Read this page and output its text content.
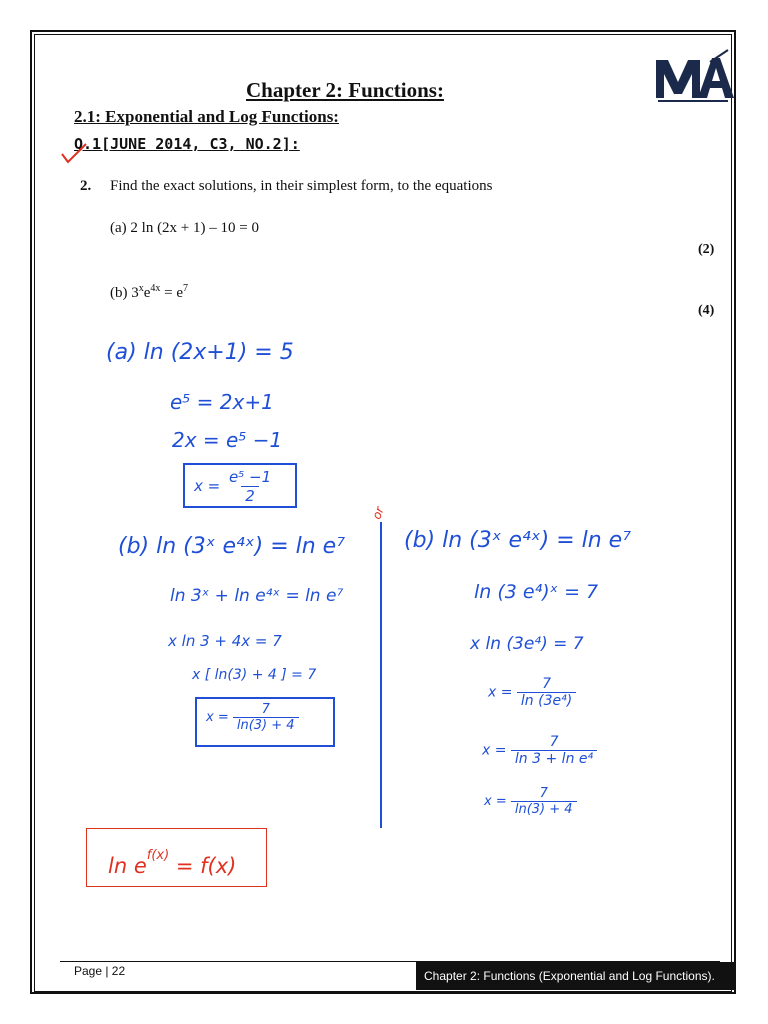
Chapter 2: Functions:
2.1: Exponential and Log Functions:
Q.1[JUNE 2014, C3, NO.2]:
2. Find the exact solutions, in their simplest form, to the equations
(a) 2 ln (2x + 1) – 10 = 0
(b) $3^xe^{4x} = e^7$
(2)
(4)
(a) ln (2x+1) = 5
e⁵ = 2x+1
2x = e⁵ −1
$x = \frac{\text{e⁵ −1}}{2}$
(b) ln (3ˣ e⁴ˣ) = ln e⁷
ln 3ˣ + ln e⁴ˣ = ln e⁷
x ln 3 + 4x = 7
x [ ln(3) + 4 ] = 7
$x = \frac{7}{\ln(3) + 4}$
or
(b) ln (3ˣ e⁴ˣ) = ln e⁷
ln (3 e⁴)ˣ = 7
x ln (3e⁴) = 7
$x = \frac{7}{\text{ln (3e⁴)}}$
$x = \frac{7}{\text{ln 3 + ln e⁴}}$
$x = \frac{7}{\ln(3) + 4}$
$\ln e^{f(x)} = f(x)$
Page | 22	Chapter 2: Functions (Exponential and Log Functions).
